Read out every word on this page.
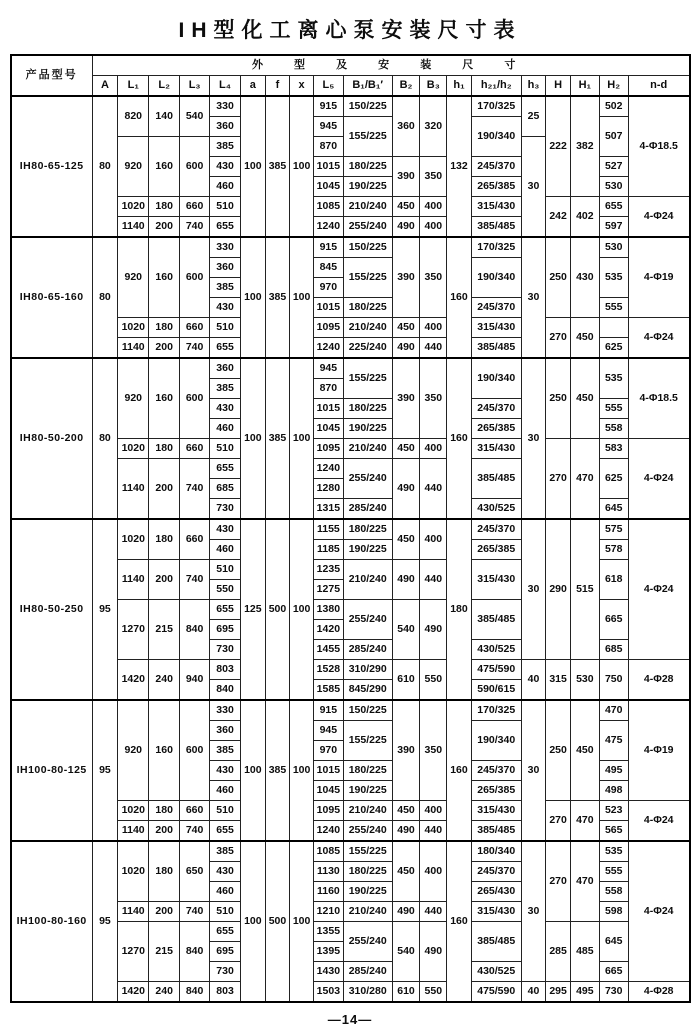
IH型化工离心泵安装尺寸表
产品型号	外 型 及 安 装 尺 寸																		
	A	L₁	L₂	L₃	L₄	a	f	x	L₅	B₁/B₁′	B₂	B₃	h₁	h₂₁/h₂	h₃	H	H₁	H₂	n-d
IH80-65-125	80	820	140	540	330	100	385	100	915	150/225	360	320	132	170/325	25	222	382	502	4-Φ18.5
					360				945	155/225				190/340				507	
		920	160	600	385				870						30				
					430				1015	180/225	390	350		245/370				527	
					460				1045	190/225				265/385				530	
		1020	180	660	510				1085	210/240	450	400		315/430		242	402	655	4-Φ24
		1140	200	740	655				1240	255/240	490	400		385/485				597	
IH80-65-160	80	920	160	600	330	100	385	100	915	150/225	390	350	160	170/325	30	250	430	530	4-Φ19
					360				845	155/225				190/340				535	
					385				970										
					430				1015	180/225				245/370				555	
		1020	180	660	510				1095	210/240	450	400		315/430		270	450		4-Φ24
		1140	200	740	655				1240	225/240	490	440		385/485				625	
IH80-50-200	80	920	160	600	360	100	385	100	945	155/225	390	350	160	190/340	30	250	450	535	4-Φ18.5
					385				870										
					430				1015	180/225				245/370				555	
					460				1045	190/225				265/385				558	
		1020	180	660	510				1095	210/240	450	400		315/430		270	470	583	4-Φ24
		1140	200	740	655				1240	255/240	490	440		385/485				625	
					685				1280										
					730				1315	285/240				430/525				645	
IH80-50-250	95	1020	180	660	430	125	500	100	1155	180/225	450	400	180	245/370	30	290	515	575	4-Φ24
					460				1185	190/225				265/385				578	
		1140	200	740	510				1235	210/240	490	440		315/430				618	
					550				1275										
		1270	215	840	655				1380	255/240	540	490		385/485				665	
					695				1420										
					730				1455	285/240				430/525				685	
		1420	240	940	803				1528	310/290	610	550		475/590	40	315	530	750	4-Φ28
					840				1585	845/290				590/615					
IH100-80-125	95	920	160	600	330	100	385	100	915	150/225	390	350	160	170/325	30	250	450	470	4-Φ19
					360				945	155/225				190/340				475	
					385				970										
					430				1015	180/225				245/370				495	
					460				1045	190/225				265/385				498	
		1020	180	660	510				1095	210/240	450	400		315/430		270	470	523	4-Φ24
		1140	200	740	655				1240	255/240	490	440		385/485				565	
IH100-80-160	95	1020	180	650	385	100	500	100	1085	155/225	450	400	160	180/340	30	270	470	535	4-Φ24
					430				1130	180/225				245/370				555	
					460				1160	190/225				265/430				558	
		1140	200	740	510				1210	210/240	490	440		315/430				598	
		1270	215	840	655				1355	255/240	540	490		385/485		285	485	645	
					695				1395										
					730				1430	285/240				430/525				665	
		1420	240	840	803				1503	310/280	610	550		475/590	40	295	495	730	4-Φ28
—14—
